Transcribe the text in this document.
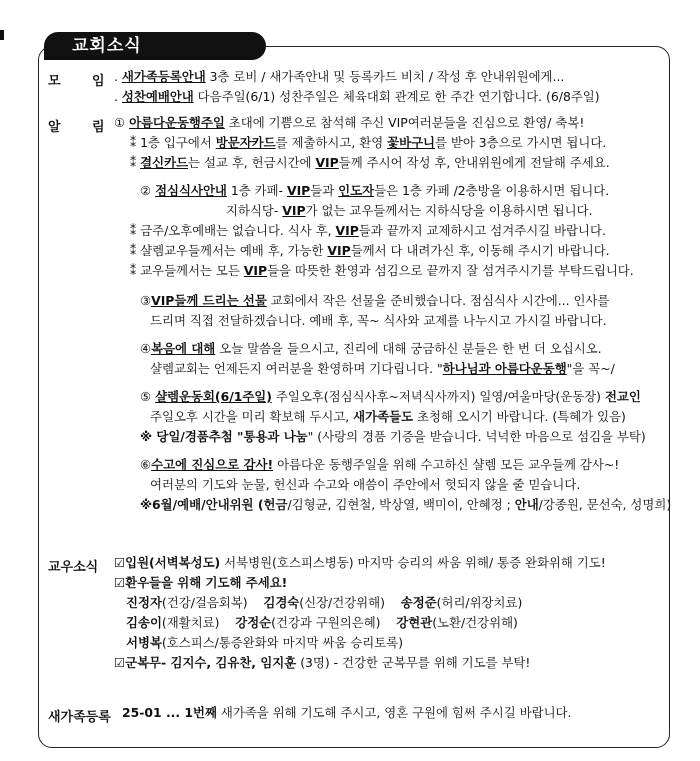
교회소식
모 임 . 새가족등록안내 3층 로비 / 새가족안내 및 등록카드 비치 / 작성 후 안내위원에게...
. 성찬예배안내 다음주일(6/1) 성찬주일은 체육대회 관계로 한 주간 연기합니다. (6/8주일)
알 림 ① 아름다운동행주일 초대에 기쁨으로 참석해 주신 VIP여러분들을 진심으로 환영/ 축복!
⁑ 1층 입구에서 방문자카드를 제출하시고, 환영 꽃바구니를 받아 3층으로 가시면 됩니다.
⁑ 결신카드는 설교 후, 헌금시간에 VIP들께 주시어 작성 후, 안내위원에게 전달해 주세요.
② 점심식사안내 1층 카페- VIP들과 인도자들은 1층 카페 /2층방을 이용하시면 됩니다.
지하식당- VIP가 없는 교우들께서는 지하식당을 이용하시면 됩니다.
⁑ 금주/오후예배는 없습니다. 식사 후, VIP들과 끝까지 교제하시고 섬겨주시길 바랍니다.
⁑ 샬렘교우들께서는 예배 후, 가능한 VIP들께서 다 내려가신 후, 이동해 주시기 바랍니다.
⁑ 교우들께서는 모든 VIP들을 따뜻한 환영과 섬김으로 끝까지 잘 섬겨주시기를 부탁드립니다.
③VIP들께 드리는 선물 교회에서 작은 선물을 준비했습니다. 점심식사 시간에... 인사를
드리며 직접 전달하겠습니다. 예배 후, 꼭~ 식사와 교제를 나누시고 가시길 바랍니다.
④복음에 대해 오늘 말씀을 들으시고, 진리에 대해 궁금하신 분들은 한 번 더 오십시오.
샬렘교회는 언제든지 여러분을 환영하며 기다립니다. "하나님과 아름다운동행"을 꼭~/
⑤ 샬렘운동회(6/1주일) 주일오후(점심식사후~저녁식사까지) 일영/여울마당(운동장) 전교인
주일오후 시간을 미리 확보해 두시고, 새가족들도 초청해 오시기 바랍니다. (특혜가 있음)
※ 당일/경품추첨 "통용과 나눔" (사랑의 경품 기증을 받습니다. 넉넉한 마음으로 섬김을 부탁)
⑥수고에 진심으로 감사! 아름다운 동행주일을 위해 수고하신 샬렘 모든 교우들께 감사~!
여러분의 기도와 눈물, 헌신과 수고와 애씀이 주안에서 헛되지 않을 줄 믿습니다.
※6월/예배/안내위원 (헌금/김형균, 김현철, 박상열, 백미이, 안혜정 ; 안내/강종원, 문선숙, 성명희)
교우소식 ☑입원(서벽복성도) 서북병원(호스피스병동) 마지막 승리의 싸움 위해/ 통증 완화위해 기도!
☑환우들을 위해 기도해 주세요!
진정자(건강/걸음회복) 김경숙(신장/건강위해) 송정준(허리/위장치료)
김송이(재활치료) 강정순(건강과 구원의은혜) 강현관(노환/건강위해)
서병복(호스피스/통증완화와 마지막 싸움 승리토록)
☑군복무- 김지수, 김유찬, 임지훈 (3명) - 건강한 군복무를 위해 기도를 부탁!
새가족등록 25-01 ... 1번째 새가족을 위해 기도해 주시고, 영혼 구원에 힘써 주시길 바랍니다.
